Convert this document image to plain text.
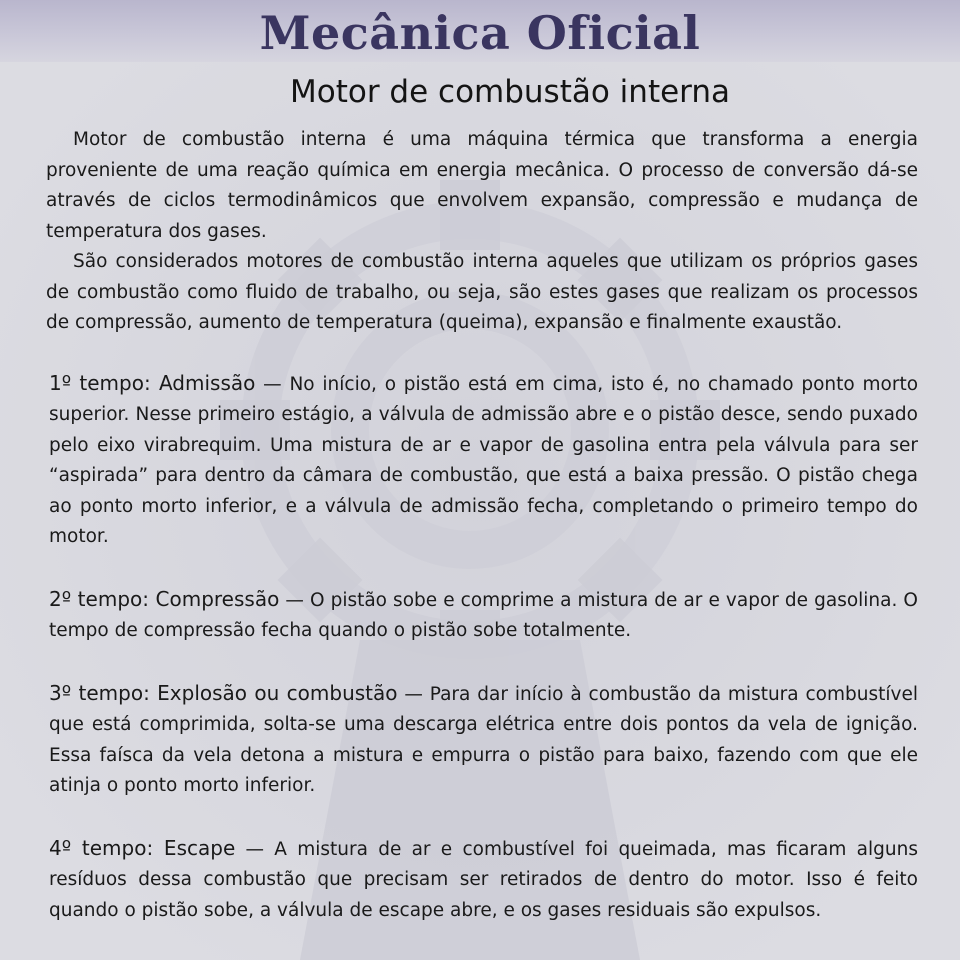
Mecânica Oficial
Motor de combustão interna

Motor de combustão interna é uma máquina térmica que transforma a energia proveniente de uma reação química em energia mecânica. O processo de conversão dá-se através de ciclos termodinâmicos que envolvem expansão, compressão e mudança de temperatura dos gases.

São considerados motores de combustão interna aqueles que utilizam os próprios gases de combustão como fluido de trabalho, ou seja, são estes gases que realizam os processos de compressão, aumento de temperatura (queima), expansão e finalmente exaustão.

1º tempo: Admissão — No início, o pistão está em cima, isto é, no chamado ponto morto superior. Nesse primeiro estágio, a válvula de admissão abre e o pistão desce, sendo puxado pelo eixo virabrequim. Uma mistura de ar e vapor de gasolina entra pela válvula para ser “aspirada” para dentro da câmara de combustão, que está a baixa pressão. O pistão chega ao ponto morto inferior, e a válvula de admissão fecha, completando o primeiro tempo do motor.

2º tempo: Compressão — O pistão sobe e comprime a mistura de ar e vapor de gasolina. O tempo de compressão fecha quando o pistão sobe totalmente.

3º tempo: Explosão ou combustão — Para dar início à combustão da mistura combustível que está comprimida, solta-se uma descarga elétrica entre dois pontos da vela de ignição. Essa faísca da vela detona a mistura e empurra o pistão para baixo, fazendo com que ele atinja o ponto morto inferior.

4º tempo: Escape — A mistura de ar e combustível foi queimada, mas ficaram alguns resíduos dessa combustão que precisam ser retirados de dentro do motor. Isso é feito quando o pistão sobe, a válvula de escape abre, e os gases residuais são expulsos.
